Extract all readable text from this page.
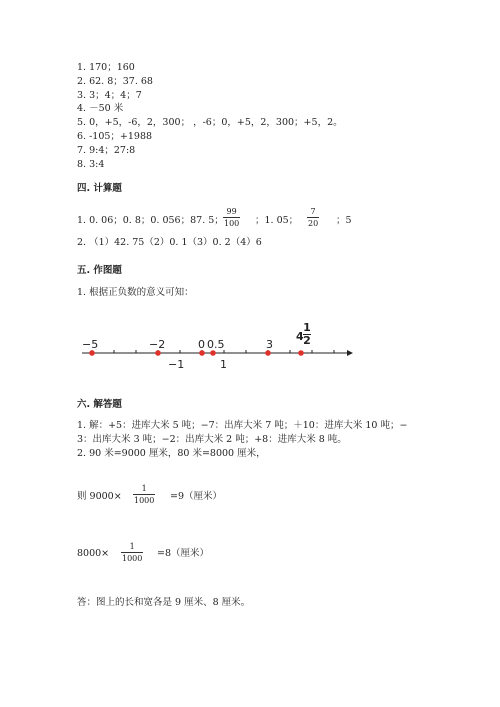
1. 170；160
2. 62. 8；37. 68
3. 3；4；4；7
4. －50 米
5. 0，+5，-6，2，300； ，-6；0，+5，2，300；+5，2。
6. -105；+1988
7. 9:4；27:8
8. 3:4
四. 计算题
1. 0. 06；0. 8；0. 056；87. 5；
99
100 ；1. 05；
7
20 ；5
2. （1）42. 75（2）0. 1（3）0. 2（4）6
五. 作图题
1. 根据正负数的意义可知：
−5	−2	0 0.5	3
−1	1
4
1
2
六. 解答题
1. 解：+5：进库大米 5 吨；−7：出库大米 7 吨；＋10：进库大米 10 吨；−
3：出库大米 3 吨；−2：出库大米 2 吨；+8：进库大米 8 吨。
2. 90 米=9000 厘米，80 米=8000 厘米，
则 9000×
1
1000 =9（厘米）
8000×
1
1000 =8（厘米）
答：图上的长和宽各是 9 厘米、8 厘米。
